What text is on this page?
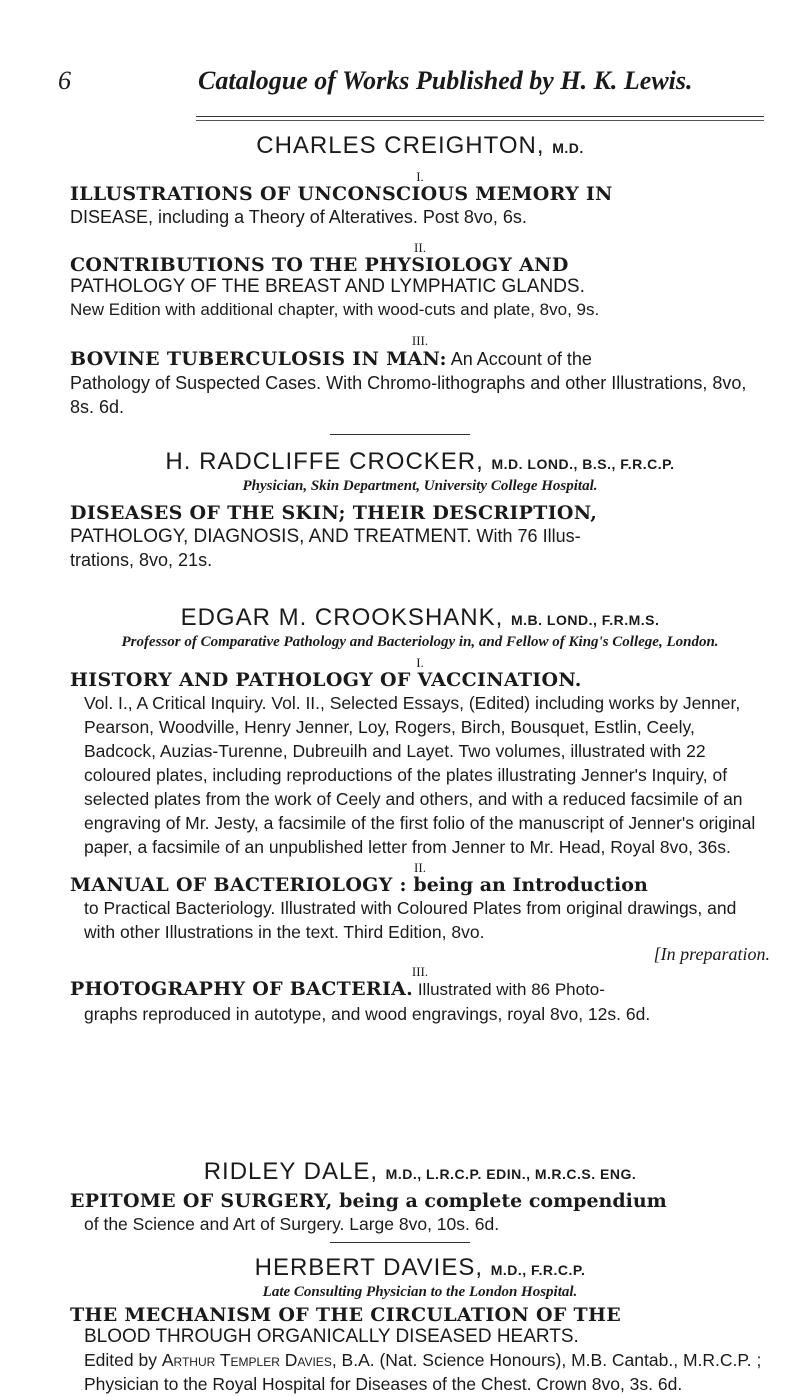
6	Catalogue of Works Published by H. K. Lewis.
CHARLES CREIGHTON, M.D.
I.
ILLUSTRATIONS OF UNCONSCIOUS MEMORY IN
DISEASE, including a Theory of Alteratives. Post 8vo, 6s.
II.
CONTRIBUTIONS TO THE PHYSIOLOGY AND
PATHOLOGY OF THE BREAST AND LYMPHATIC GLANDS.
New Edition with additional chapter, with wood-cuts and plate, 8vo, 9s.
III.
BOVINE TUBERCULOSIS IN MAN: An Account of the
Pathology of Suspected Cases. With Chromo-lithographs and other Illustrations, 8vo, 8s. 6d.
H. RADCLIFFE CROCKER, M.D. LOND., B.S., F.R.C.P.
Physician, Skin Department, University College Hospital.
DISEASES OF THE SKIN; THEIR DESCRIPTION,
PATHOLOGY, DIAGNOSIS, AND TREATMENT. With 76 Illus-
trations, 8vo, 21s.
EDGAR M. CROOKSHANK, M.B. LOND., F.R.M.S.
Professor of Comparative Pathology and Bacteriology in, and Fellow of King's College, London.
I.
HISTORY AND PATHOLOGY OF VACCINATION.
Vol. I., A Critical Inquiry. Vol. II., Selected Essays, (Edited) including works by Jenner, Pearson, Woodville, Henry Jenner, Loy, Rogers, Birch, Bousquet, Estlin, Ceely, Badcock, Auzias-Turenne, Dubreuilh and Layet. Two volumes, illustrated with 22 coloured plates, including reproductions of the plates illustrating Jenner's Inquiry, of selected plates from the work of Ceely and others, and with a reduced facsimile of an engraving of Mr. Jesty, a facsimile of the first folio of the manuscript of Jenner's original paper, a facsimile of an unpublished letter from Jenner to Mr. Head, Royal 8vo, 36s.
II.
MANUAL OF BACTERIOLOGY : being an Introduction
to Practical Bacteriology. Illustrated with Coloured Plates from original drawings, and with other Illustrations in the text. Third Edition, 8vo.
[In preparation.
III.
PHOTOGRAPHY OF BACTERIA. Illustrated with 86 Photo-
graphs reproduced in autotype, and wood engravings, royal 8vo, 12s. 6d.
RIDLEY DALE, M.D., L.R.C.P. EDIN., M.R.C.S. ENG.
EPITOME OF SURGERY, being a complete compendium
of the Science and Art of Surgery. Large 8vo, 10s. 6d.
HERBERT DAVIES, M.D., F.R.C.P.
Late Consulting Physician to the London Hospital.
THE MECHANISM OF THE CIRCULATION OF THE
BLOOD THROUGH ORGANICALLY DISEASED HEARTS.
Edited by Arthur Templer Davies, B.A. (Nat. Science Honours), M.B. Cantab., M.R.C.P. ; Physician to the Royal Hospital for Diseases of the Chest. Crown 8vo, 3s. 6d.
